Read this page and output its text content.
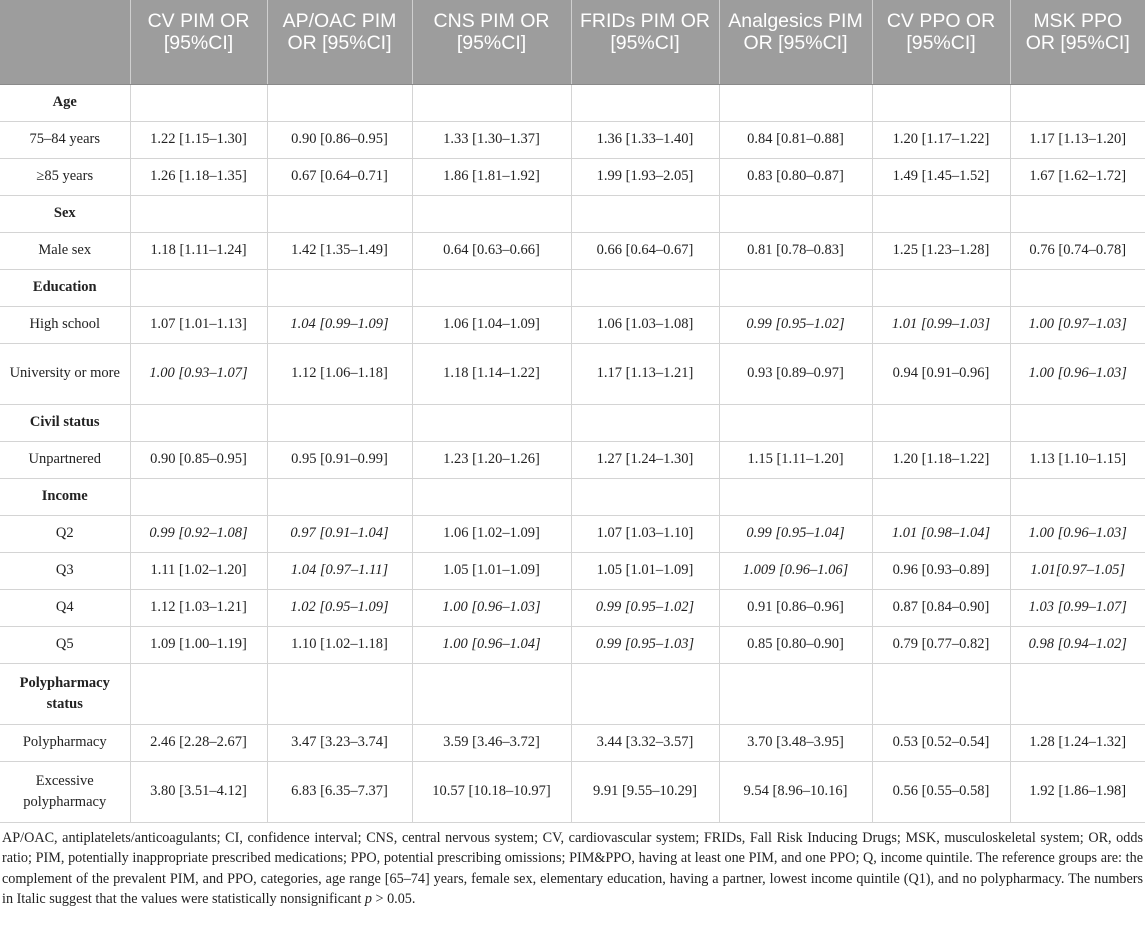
	CV PIM OR [95%CI]	AP/OAC PIM OR [95%CI]	CNS PIM OR [95%CI]	FRIDs PIM OR [95%CI]	Analgesics PIM OR [95%CI]	CV PPO OR [95%CI]	MSK PPO OR [95%CI]
Age							
75–84 years	1.22 [1.15–1.30]	0.90 [0.86–0.95]	1.33 [1.30–1.37]	1.36 [1.33–1.40]	0.84 [0.81–0.88]	1.20 [1.17–1.22]	1.17 [1.13–1.20]
≥85 years	1.26 [1.18–1.35]	0.67 [0.64–0.71]	1.86 [1.81–1.92]	1.99 [1.93–2.05]	0.83 [0.80–0.87]	1.49 [1.45–1.52]	1.67 [1.62–1.72]
Sex							
Male sex	1.18 [1.11–1.24]	1.42 [1.35–1.49]	0.64 [0.63–0.66]	0.66 [0.64–0.67]	0.81 [0.78–0.83]	1.25 [1.23–1.28]	0.76 [0.74–0.78]
Education							
High school	1.07 [1.01–1.13]	1.04 [0.99–1.09]	1.06 [1.04–1.09]	1.06 [1.03–1.08]	0.99 [0.95–1.02]	1.01 [0.99–1.03]	1.00 [0.97–1.03]
University or more	1.00 [0.93–1.07]	1.12 [1.06–1.18]	1.18 [1.14–1.22]	1.17 [1.13–1.21]	0.93 [0.89–0.97]	0.94 [0.91–0.96]	1.00 [0.96–1.03]
Civil status							
Unpartnered	0.90 [0.85–0.95]	0.95 [0.91–0.99]	1.23 [1.20–1.26]	1.27 [1.24–1.30]	1.15 [1.11–1.20]	1.20 [1.18–1.22]	1.13 [1.10–1.15]
Income							
Q2	0.99 [0.92–1.08]	0.97 [0.91–1.04]	1.06 [1.02–1.09]	1.07 [1.03–1.10]	0.99 [0.95–1.04]	1.01 [0.98–1.04]	1.00 [0.96–1.03]
Q3	1.11 [1.02–1.20]	1.04 [0.97–1.11]	1.05 [1.01–1.09]	1.05 [1.01–1.09]	1.009 [0.96–1.06]	0.96 [0.93–0.89]	1.01[0.97–1.05]
Q4	1.12 [1.03–1.21]	1.02 [0.95–1.09]	1.00 [0.96–1.03]	0.99 [0.95–1.02]	0.91 [0.86–0.96]	0.87 [0.84–0.90]	1.03 [0.99–1.07]
Q5	1.09 [1.00–1.19]	1.10 [1.02–1.18]	1.00 [0.96–1.04]	0.99 [0.95–1.03]	0.85 [0.80–0.90]	0.79 [0.77–0.82]	0.98 [0.94–1.02]
Polypharmacy status							
Polypharmacy	2.46 [2.28–2.67]	3.47 [3.23–3.74]	3.59 [3.46–3.72]	3.44 [3.32–3.57]	3.70 [3.48–3.95]	0.53 [0.52–0.54]	1.28 [1.24–1.32]
Excessive polypharmacy	3.80 [3.51–4.12]	6.83 [6.35–7.37]	10.57 [10.18–10.97]	9.91 [9.55–10.29]	9.54 [8.96–10.16]	0.56 [0.55–0.58]	1.92 [1.86–1.98]
AP/OAC, antiplatelets/anticoagulants; CI, confidence interval; CNS, central nervous system; CV, cardiovascular system; FRIDs, Fall Risk Inducing Drugs; MSK, musculoskeletal system; OR, odds ratio; PIM, potentially inappropriate prescribed medications; PPO, potential prescribing omissions; PIM&PPO, having at least one PIM, and one PPO; Q, income quintile. The reference groups are: the complement of the prevalent PIM, and PPO, categories, age range [65–74] years, female sex, elementary education, having a partner, lowest income quintile (Q1), and no polypharmacy. The numbers in Italic suggest that the values were statistically nonsignificant p > 0.05.
